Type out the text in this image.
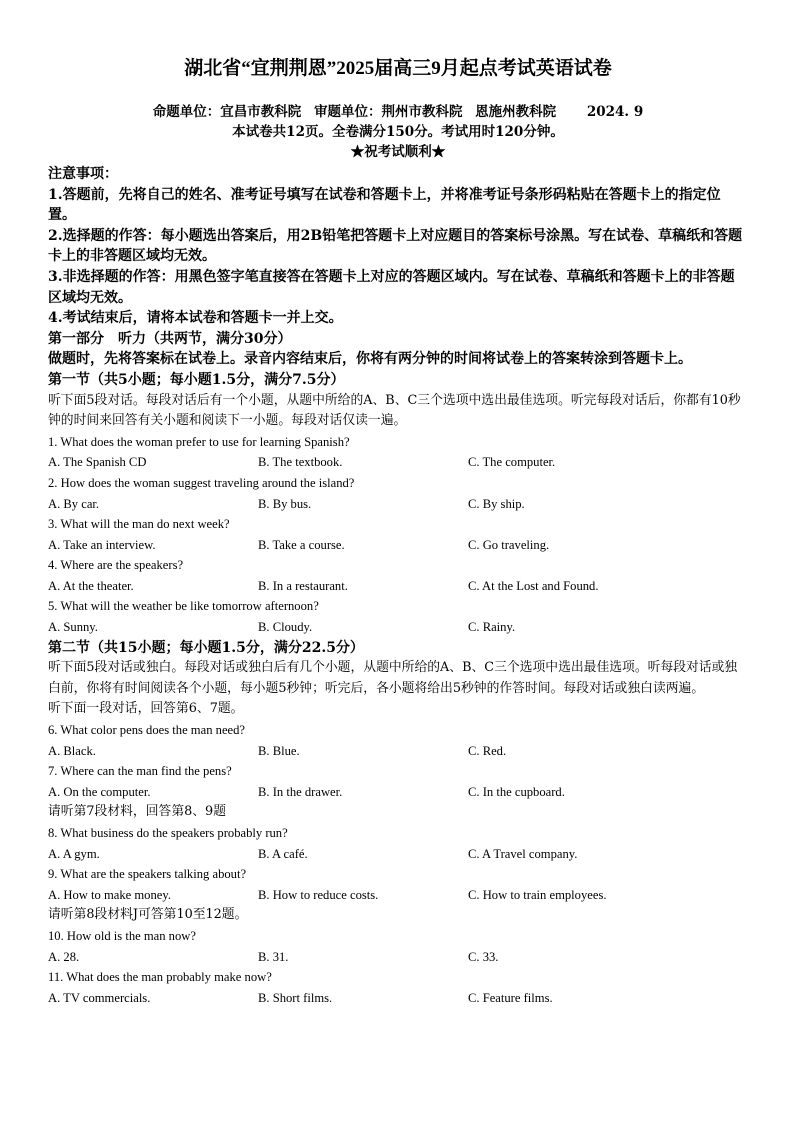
湖北省“宜荆荆恩”2025届高三9月起点考试英语试卷
命题单位：宜昌市教科院 审题单位：荆州市教科院 恩施州教科院 2024. 9
本试卷共12页。全卷满分150分。考试用时120分钟。
★祝考试顺利★
注意事项：
1.答题前，先将自己的姓名、准考证号填写在试卷和答题卡上，并将准考证号条形码粘贴在答题卡上的指定位置。
2.选择题的作答：每小题选出答案后，用2B铅笔把答题卡上对应题目的答案标号涂黑。写在试卷、草稿纸和答题卡上的非答题区域均无效。
3.非选择题的作答：用黑色签字笔直接答在答题卡上对应的答题区域内。写在试卷、草稿纸和答题卡上的非答题区域均无效。
4.考试结束后，请将本试卷和答题卡一并上交。
第一部分　听力（共两节，满分30分）
做题时，先将答案标在试卷上。录音内容结束后，你将有两分钟的时间将试卷上的答案转涂到答题卡上。
第一节（共5小题；每小题1.5分，满分7.5分）
听下面5段对话。每段对话后有一个小题，从题中所给的A、B、C三个选项中选出最佳选项。听完每段对话后，你都有10秒钟的时间来回答有关小题和阅读下一小题。每段对话仅读一遍。
1. What does the woman prefer to use for learning Spanish?
A. The Spanish CD	B. The textbook.	C. The computer.
2. How does the woman suggest traveling around the island?
A. By car.	B. By bus.	C. By ship.
3. What will the man do next week?
A. Take an interview.	B. Take a course.	C. Go traveling.
4. Where are the speakers?
A. At the theater.	B. In a restaurant.	C. At the Lost and Found.
5. What will the weather be like tomorrow afternoon?
A. Sunny.	B. Cloudy.	C. Rainy.
第二节（共15小题；每小题1.5分，满分22.5分）
听下面5段对话或独白。每段对话或独白后有几个小题，从题中所给的A、B、C三个选项中选出最佳选项。听每段对话或独白前，你将有时间阅读各个小题，每小题5秒钟；听完后，各小题将给出5秒钟的作答时间。每段对话或独白读两遍。
听下面一段对话，回答第6、7题。
6. What color pens does the man need?
A. Black.	B. Blue.	C. Red.
7. Where can the man find the pens?
A. On the computer.	B. In the drawer.	C. In the cupboard.
请听第7段材料，回答第8、9题
8. What business do the speakers probably run?
A. A gym.	B. A café.	C. A Travel company.
9. What are the speakers talking about?
A. How to make money.	B. How to reduce costs.	C. How to train employees.
请听第8段材料J可答第10至12题。
10. How old is the man now?
A. 28.	B. 31.	C. 33.
11. What does the man probably make now?
A. TV commercials.	B. Short films.	C. Feature films.
